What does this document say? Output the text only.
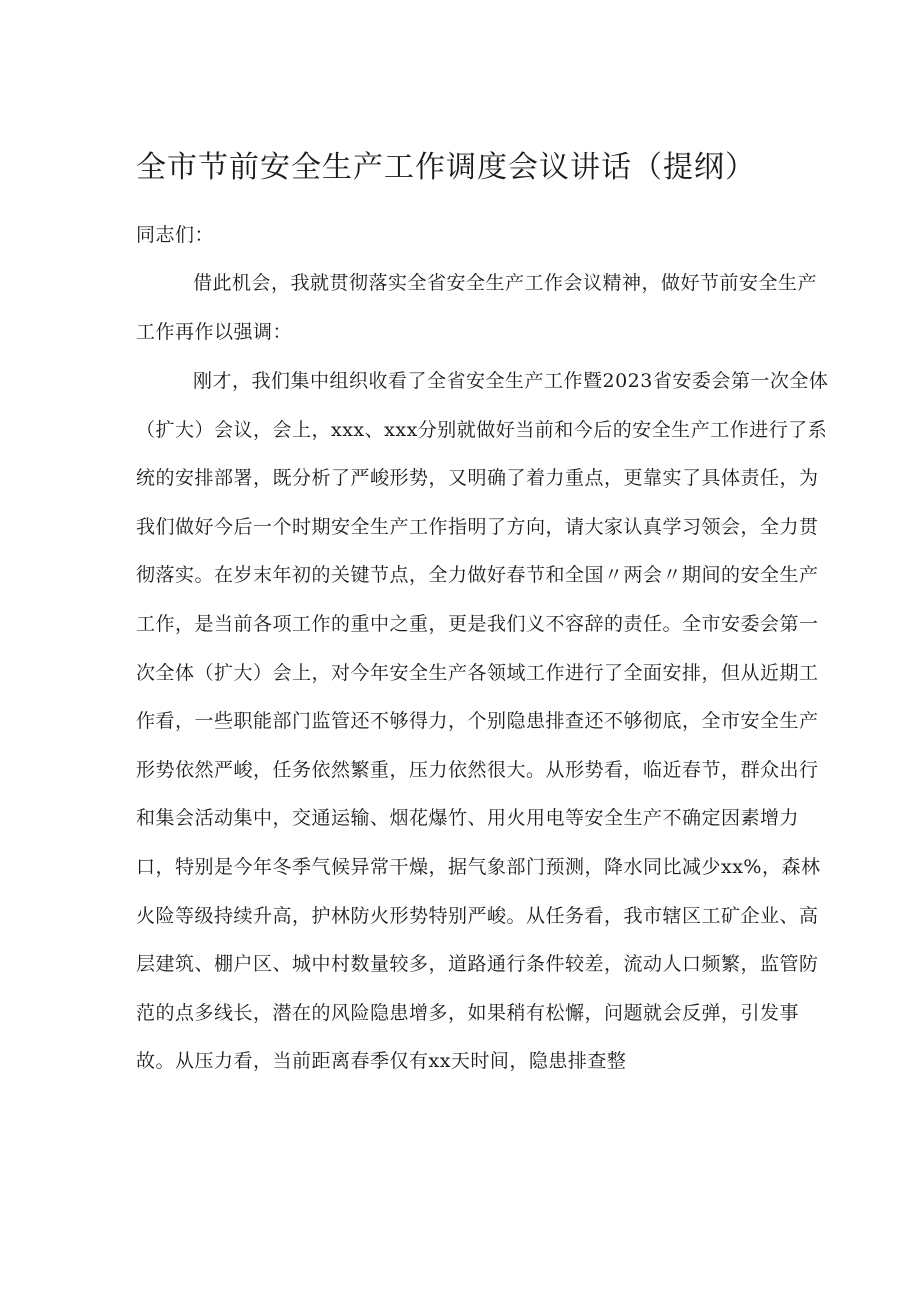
全市节前安全生产工作调度会议讲话（提纲）

同志们：

借此机会，我就贯彻落实全省安全生产工作会议精神，做好节前安全生产工作再作以强调：

刚才，我们集中组织收看了全省安全生产工作暨2023省安委会第一次全体（扩大）会议，会上，xxx、xxx分别就做好当前和今后的安全生产工作进行了系统的安排部署，既分析了严峻形势，又明确了着力重点，更靠实了具体责任，为我们做好今后一个时期安全生产工作指明了方向，请大家认真学习领会，全力贯彻落实。在岁末年初的关键节点，全力做好春节和全国〃两会〃期间的安全生产工作，是当前各项工作的重中之重，更是我们义不容辞的责任。全市安委会第一次全体（扩大）会上，对今年安全生产各领域工作进行了全面安排，但从近期工作看，一些职能部门监管还不够得力，个别隐患排查还不够彻底，全市安全生产形势依然严峻，任务依然繁重，压力依然很大。从形势看，临近春节，群众出行和集会活动集中，交通运输、烟花爆竹、用火用电等安全生产不确定因素增力口，特别是今年冬季气候异常干燥，据气象部门预测，降水同比减少xx%，森林火险等级持续升高，护林防火形势特别严峻。从任务看，我市辖区工矿企业、高层建筑、棚户区、城中村数量较多，道路通行条件较差，流动人口频繁，监管防范的点多线长，潜在的风险隐患增多，如果稍有松懈，问题就会反弹，引发事故。从压力看，当前距离春季仅有xx天时间，隐患排查整
